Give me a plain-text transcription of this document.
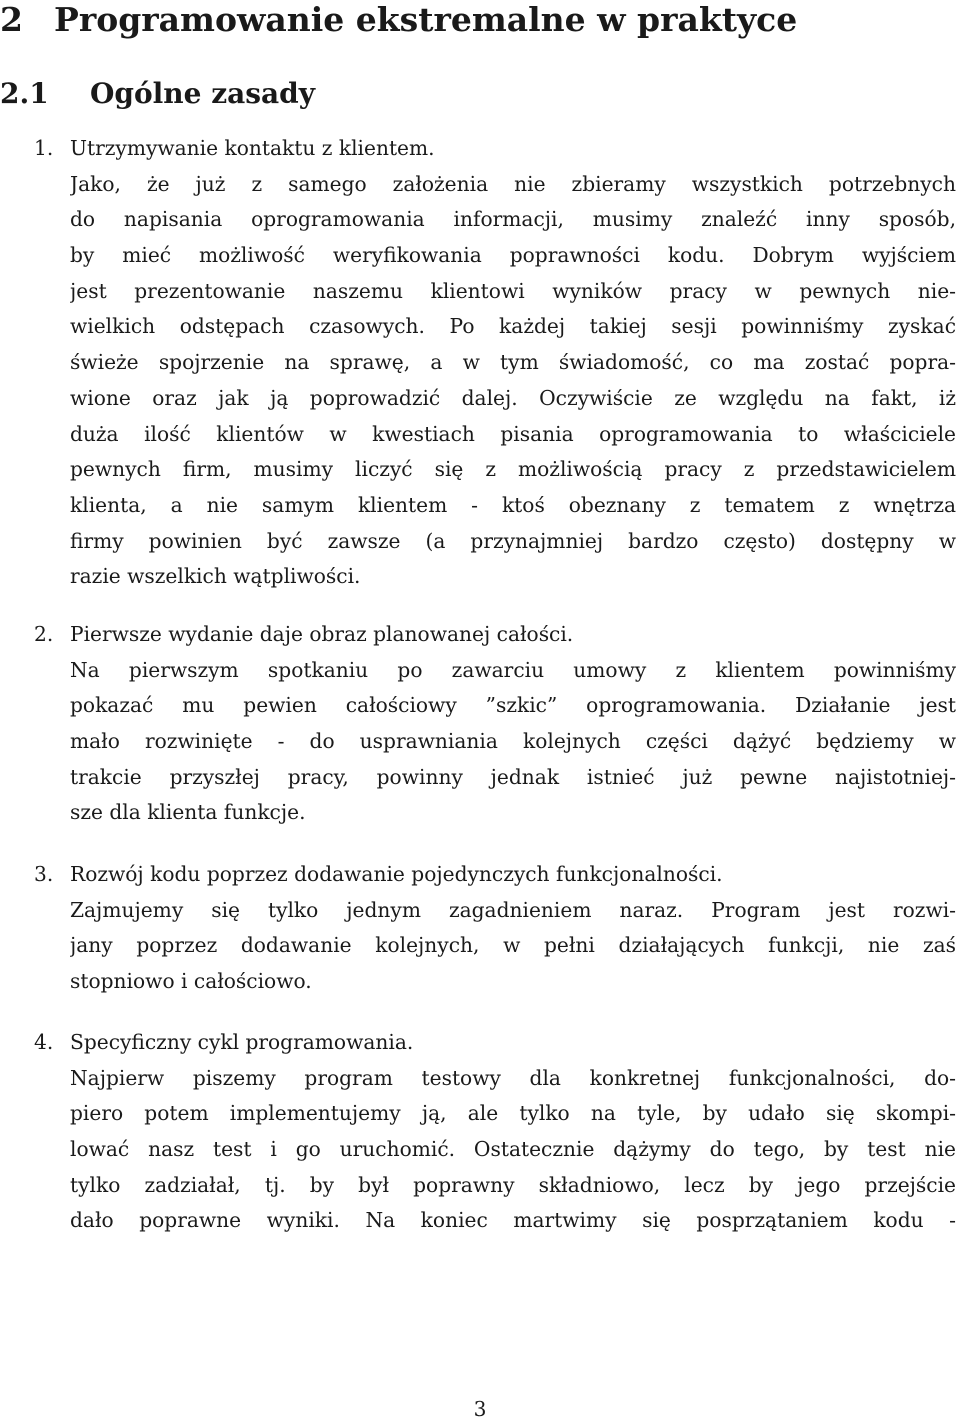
2 Programowanie ekstremalne w praktyce
2.1 Ogólne zasady
1. Utrzymywanie kontaktu z klientem.
Jako, że już z samego założenia nie zbieramy wszystkich potrzebnych
do napisania oprogramowania informacji, musimy znaleźć inny sposób,
by mieć możliwość weryfikowania poprawności kodu. Dobrym wyjściem
jest prezentowanie naszemu klientowi wyników pracy w pewnych nie-
wielkich odstępach czasowych. Po każdej takiej sesji powinniśmy zyskać
świeże spojrzenie na sprawę, a w tym świadomość, co ma zostać popra-
wione oraz jak ją poprowadzić dalej. Oczywiście ze względu na fakt, iż
duża ilość klientów w kwestiach pisania oprogramowania to właściciele
pewnych firm, musimy liczyć się z możliwością pracy z przedstawicielem
klienta, a nie samym klientem - ktoś obeznany z tematem z wnętrza
firmy powinien być zawsze (a przynajmniej bardzo często) dostępny w
razie wszelkich wątpliwości.
2. Pierwsze wydanie daje obraz planowanej całości.
Na pierwszym spotkaniu po zawarciu umowy z klientem powinniśmy
pokazać mu pewien całościowy ”szkic” oprogramowania. Działanie jest
mało rozwinięte - do usprawniania kolejnych części dążyć będziemy w
trakcie przyszłej pracy, powinny jednak istnieć już pewne najistotniej-
sze dla klienta funkcje.
3. Rozwój kodu poprzez dodawanie pojedynczych funkcjonalności.
Zajmujemy się tylko jednym zagadnieniem naraz. Program jest rozwi-
jany poprzez dodawanie kolejnych, w pełni działających funkcji, nie zaś
stopniowo i całościowo.
4. Specyficzny cykl programowania.
Najpierw piszemy program testowy dla konkretnej funkcjonalności, do-
piero potem implementujemy ją, ale tylko na tyle, by udało się skompi-
lować nasz test i go uruchomić. Ostatecznie dążymy do tego, by test nie
tylko zadziałał, tj. by był poprawny składniowo, lecz by jego przejście
dało poprawne wyniki. Na koniec martwimy się posprzątaniem kodu -
3
